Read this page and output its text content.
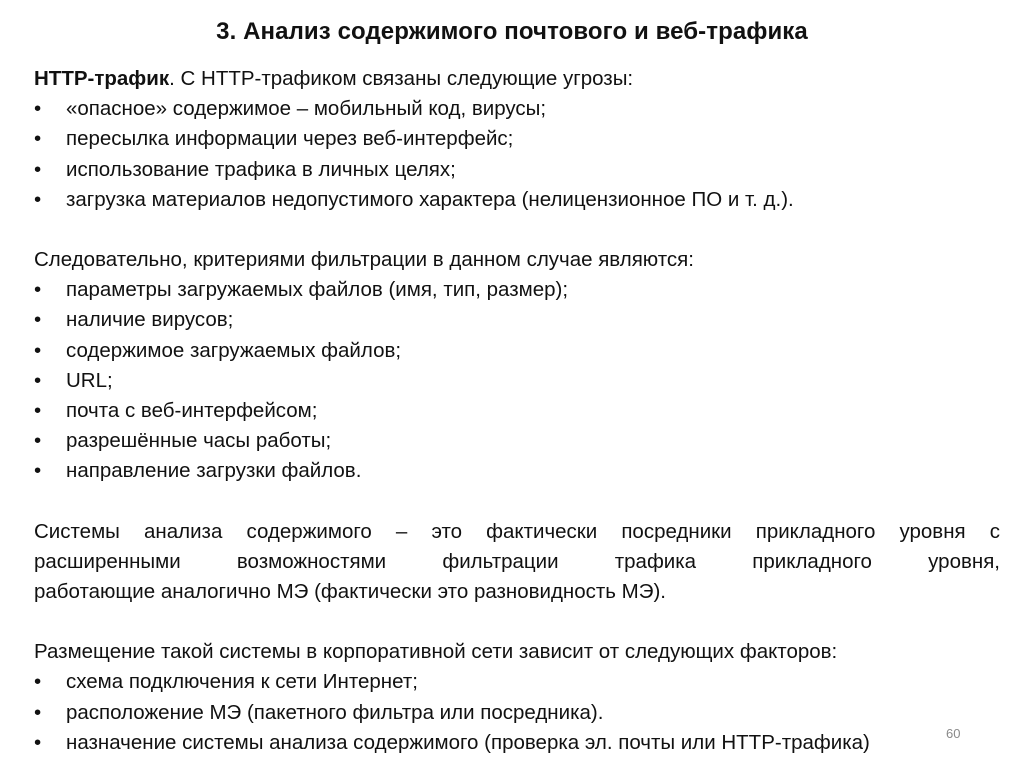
3. Анализ содержимого почтового и веб-трафика

HTTP-трафик. С HTTP-трафиком связаны следующие угрозы:

• «опасное» содержимое – мобильный код, вирусы;
• пересылка информации через веб-интерфейс;
• использование трафика в личных целях;
• загрузка материалов недопустимого характера (нелицензионное ПО и т. д.).

Следовательно, критериями фильтрации в данном случае являются:

• параметры загружаемых файлов (имя, тип, размер);
• наличие вирусов;
• содержимое загружаемых файлов;
• URL;
• почта с веб-интерфейсом;
• разрешённые часы работы;
• направление загрузки файлов.
Системы анализа содержимого – это фактически посредники прикладного уровня с
расширенными возможностями фильтрации трафика прикладного уровня,
работающие аналогично МЭ (фактически это разновидность МЭ).

Размещение такой системы в корпоративной сети зависит от следующих факторов:

• схема подключения к сети Интернет;
• расположение МЭ (пакетного фильтра или посредника).
• назначение системы анализа содержимого (проверка эл. почты или HTTP-трафика)	60
